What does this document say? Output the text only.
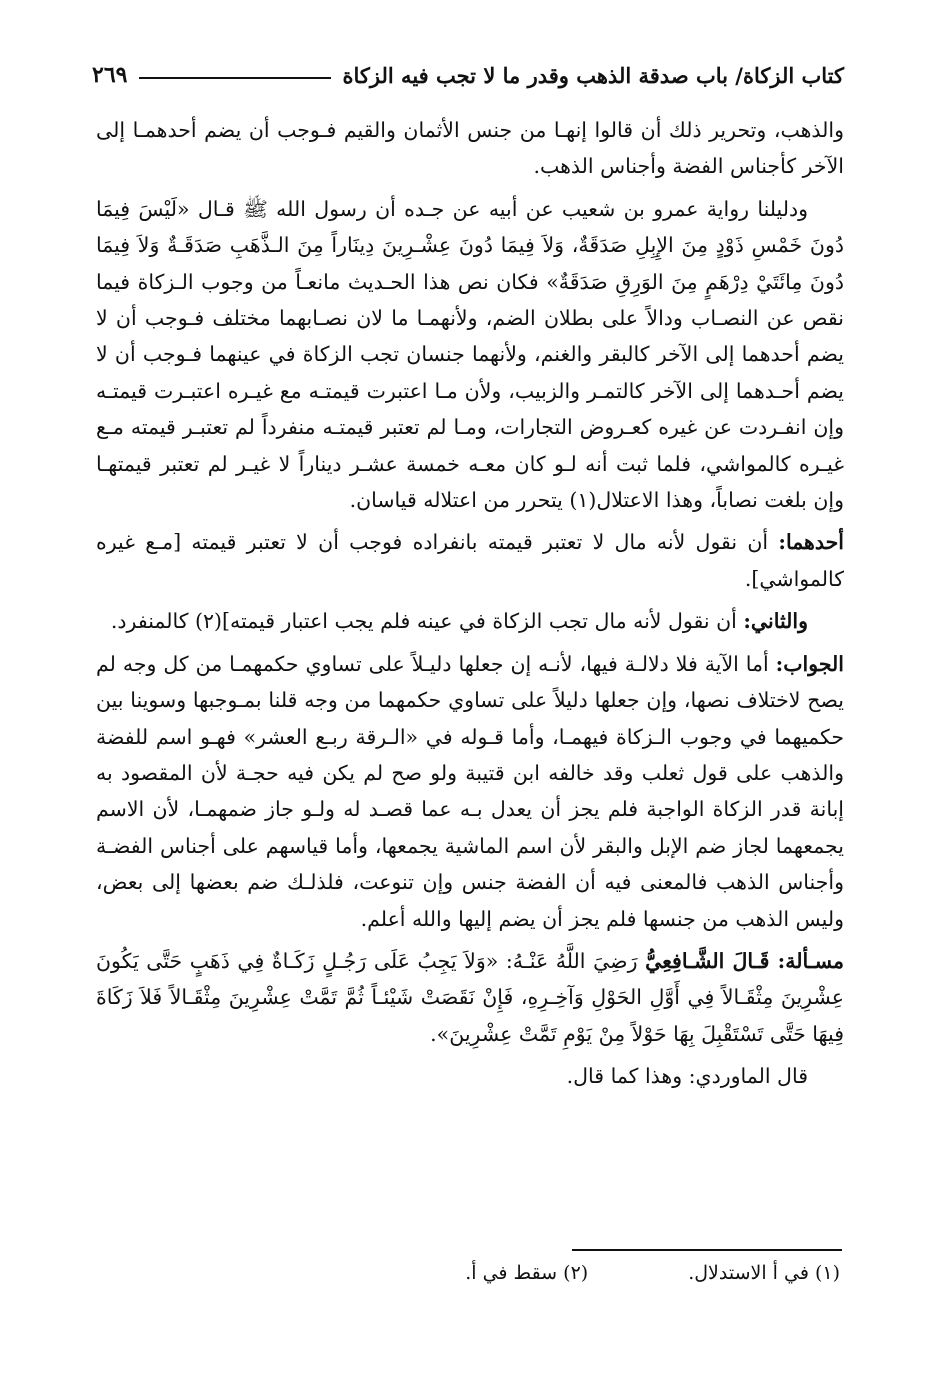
كتاب الزكاة/ باب صدقة الذهب وقدر ما لا تجب فيه الزكاة
٢٦٩

والذهب، وتحرير ذلك أن قالوا إنهـا من جنس الأثمان والقيم فـوجب أن يضم أحدهمـا إلى الآخر كأجناس الفضة وأجناس الذهب.

ودليلنا رواية عمرو بن شعيب عن أبيه عن جـده أن رسول الله ﷺ قـال «لَيْسَ فِيمَا دُونَ خَمْسِ ذَوْدٍ مِنَ الإِبِلِ صَدَقَةٌ، وَلاَ فِيمَا دُونَ عِشْـرِينَ دِينَاراً مِنَ الـذَّهَبِ صَدَقَـةٌ وَلاَ فِيمَا دُونَ مِائَتَيْ دِرْهَمٍ مِنَ الوَرِقِ صَدَقَةٌ» فكان نص هذا الحـديث مانعـاً من وجوب الـزكاة فيما نقص عن النصـاب ودالاً على بطلان الضم، ولأنهمـا ما لان نصـابهما مختلف فـوجب أن لا يضم أحدهما إلى الآخر كالبقر والغنم، ولأنهما جنسان تجب الزكاة في عينهما فـوجب أن لا يضم أحـدهما إلى الآخر كالتمـر والزبيب، ولأن مـا اعتبرت قيمتـه مع غيـره اعتبـرت قيمتـه وإن انفـردت عن غيره كعـروض التجارات، ومـا لم تعتبر قيمتـه منفرداً لم تعتبـر قيمته مـع غيـره كالمواشي، فلما ثبت أنه لـو كان معـه خمسة عشـر ديناراً لا غيـر لم تعتبر قيمتهـا وإن بلغت نصاباً، وهذا الاعتلال(١) يتحرر من اعتلاله قياسان.

أحدهما: أن نقول لأنه مال لا تعتبر قيمته بانفراده فوجب أن لا تعتبر قيمته [مـع غيره كالمواشي].

والثاني: أن نقول لأنه مال تجب الزكاة في عينه فلم يجب اعتبار قيمته](٢) كالمنفرد.

الجواب: أما الآية فلا دلالـة فيها، لأنـه إن جعلها دليـلاً على تساوي حكمهمـا من كل وجه لم يصح لاختلاف نصها، وإن جعلها دليلاً على تساوي حكمهما من وجه قلنا بمـوجبها وسوينا بين حكميهما في وجوب الـزكاة فيهمـا، وأما قـوله في «الـرقة ربـع العشر» فهـو اسم للفضة والذهب على قول ثعلب وقد خالفه ابن قتيبة ولو صح لم يكن فيه حجـة لأن المقصود به إبانة قدر الزكاة الواجبة فلم يجز أن يعدل بـه عما قصـد له ولـو جاز ضمهمـا، لأن الاسم يجمعهما لجاز ضم الإبل والبقر لأن اسم الماشية يجمعها، وأما قياسهم على أجناس الفضـة وأجناس الذهب فالمعنى فيه أن الفضة جنس وإن تنوعت، فلذلـك ضم بعضها إلى بعض، وليس الذهب من جنسها فلم يجز أن يضم إليها والله أعلم.

مسـألة: قَـالَ الشَّـافِعِيُّ رَضِيَ اللَّهُ عَنْـهُ: «وَلاَ يَجِبُ عَلَى رَجُـلٍ زَكَـاةٌ فِي ذَهَبٍ حَتَّى يَكُونَ عِشْرِينَ مِثْقَـالاً فِي أَوَّلِ الحَوْلِ وَآخِـرِهِ، فَإِنْ نَقَصَتْ شَيْئـاً ثُمَّ تَمَّتْ عِشْرِينَ مِثْقَـالاً فَلاَ زَكَاةَ فِيهَا حَتَّى تَسْتَقْبِلَ بِهَا حَوْلاً مِنْ يَوْمِ تَمَّتْ عِشْرِينَ».

قال الماوردي: وهذا كما قال.

(١) في أ الاستدلال.
(٢) سقط في أ.
